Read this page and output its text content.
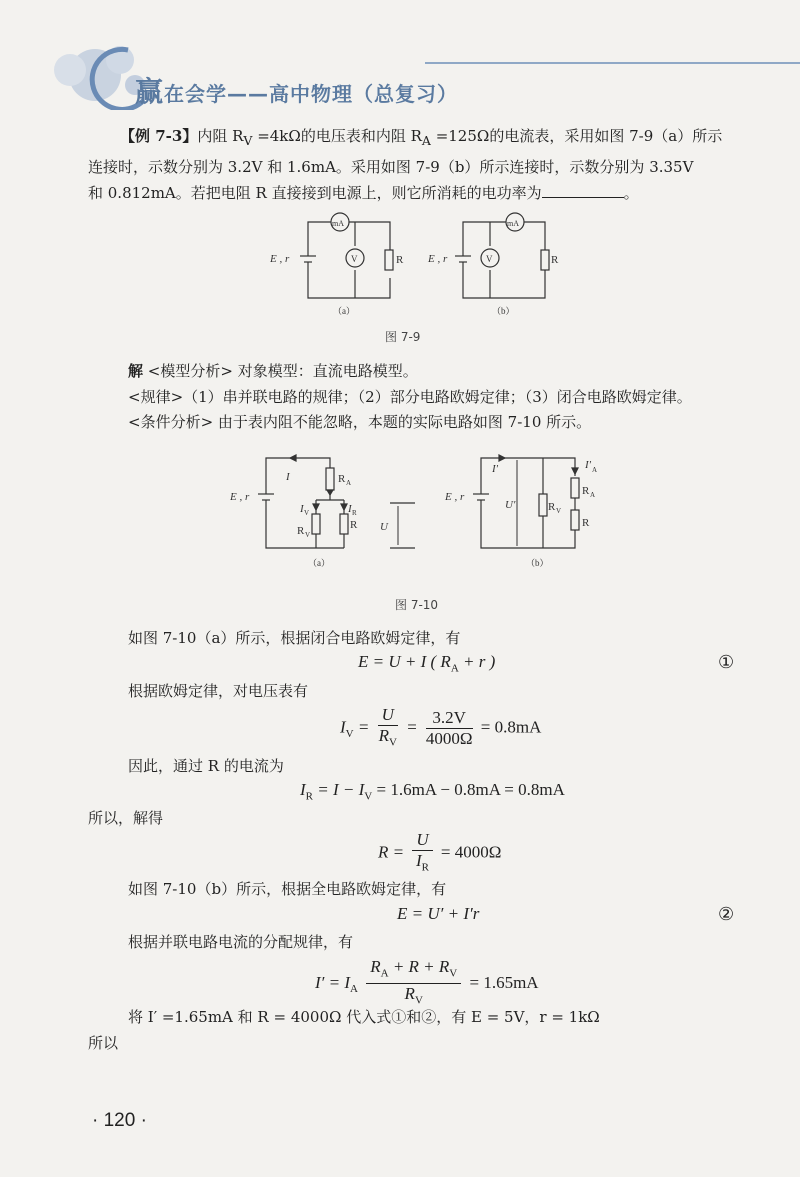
赢在会学——高中物理（总复习）
【例 7-3】内阻 $R_V =4k\Omega$的电压表和内阻 $R_A =125\Omega$的电流表，采用如图 7-9（a）所示
连接时，示数分别为 3.2V 和 1.6mA。采用如图 7-9（b）所示连接时，示数分别为 3.35V
和 0.812mA。若把电阻 R 直接接到电源上，则它所消耗的电功率为	。
E , r
mA
V	R
（a）
E , r
mA
V	R
（b）
图 7-9
解 <模型分析> 对象模型：直流电路模型。
<规律>（1）串并联电路的规律；（2）部分电路欧姆定律；（3）闭合电路欧姆定律。
<条件分析> 由于表内阻不能忽略，本题的实际电路如图 7-10 所示。
E , r
I	R A
I V	I R
R V
R U
（a）
E , r
I′
U′
I′ A
R A
R V
R
（b）
图 7-10
如图 7-10（a）所示，根据闭合电路欧姆定律，有
E = U + I ( $R_A + r$ )	①
根据欧姆定律，对电压表有
$I_V = \frac{U}{R_V} = \frac{3.2V}{4000\Omega} = 0.8mA$
因此，通过 R 的电流为
$I_R = I - I_V = 1.6mA - 0.8mA = 0.8mA$
所以，解得
$R = \frac{U}{I_R} = 4000\Omega$
如图 7-10（b）所示，根据全电路欧姆定律，有
E = U′ + I′r	②
根据并联电路电流的分配规律，有
$I' = I_A \frac{R_A + R + R_V}{R_V} = 1.65mA$
将 I′ =1.65mA 和 R = 4000Ω 代入式①和②，有 E = 5V，r = 1kΩ
所以
· 120 ·
